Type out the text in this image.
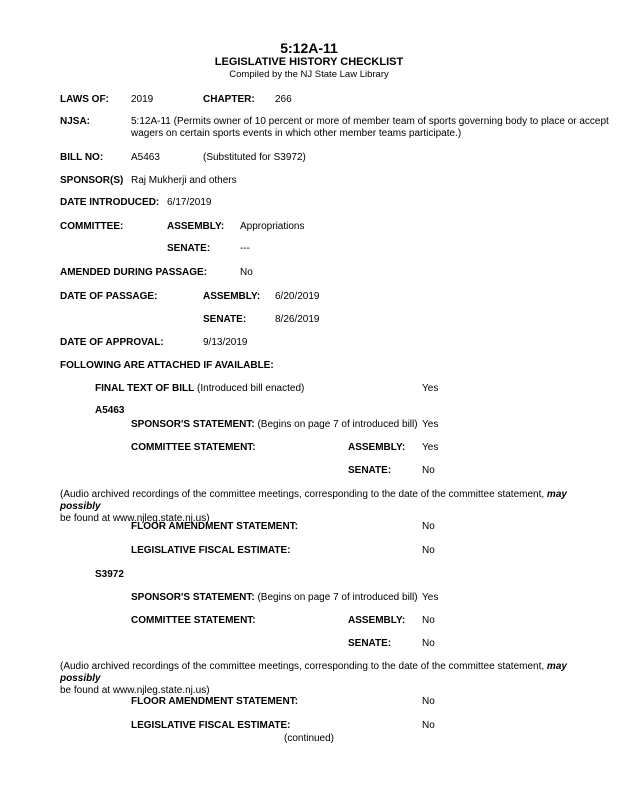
5:12A-11
LEGISLATIVE HISTORY CHECKLIST
Compiled by the NJ State Law Library
LAWS OF: 2019	CHAPTER: 266
NJSA:	5:12A-11 (Permits owner of 10 percent or more of member team of sports governing body to place or accept
wagers on certain sports events in which other member teams participate.)
BILL NO:	A5463	(Substituted for S3972)
SPONSOR(S) Raj Mukherji and others
DATE INTRODUCED: 6/17/2019
COMMITTEE:	ASSEMBLY: Appropriations
SENATE:	---
AMENDED DURING PASSAGE:	No
DATE OF PASSAGE:	ASSEMBLY: 6/20/2019
SENATE:	8/26/2019
DATE OF APPROVAL:	9/13/2019
FOLLOWING ARE ATTACHED IF AVAILABLE:
FINAL TEXT OF BILL (Introduced bill enacted)	Yes
A5463
SPONSOR'S STATEMENT: (Begins on page 7 of introduced bill) Yes
COMMITTEE STATEMENT:	ASSEMBLY: Yes
SENATE:	No
(Audio archived recordings of the committee meetings, corresponding to the date of the committee statement, may possibly
be found at www.njleg.state.nj.us)
FLOOR AMENDMENT STATEMENT:	No
LEGISLATIVE FISCAL ESTIMATE:	No
S3972
SPONSOR'S STATEMENT: (Begins on page 7 of introduced bill) Yes
COMMITTEE STATEMENT:	ASSEMBLY: No
SENATE:	No
(Audio archived recordings of the committee meetings, corresponding to the date of the committee statement, may possibly
be found at www.njleg.state.nj.us)
FLOOR AMENDMENT STATEMENT:	No
LEGISLATIVE FISCAL ESTIMATE:	No
(continued)
